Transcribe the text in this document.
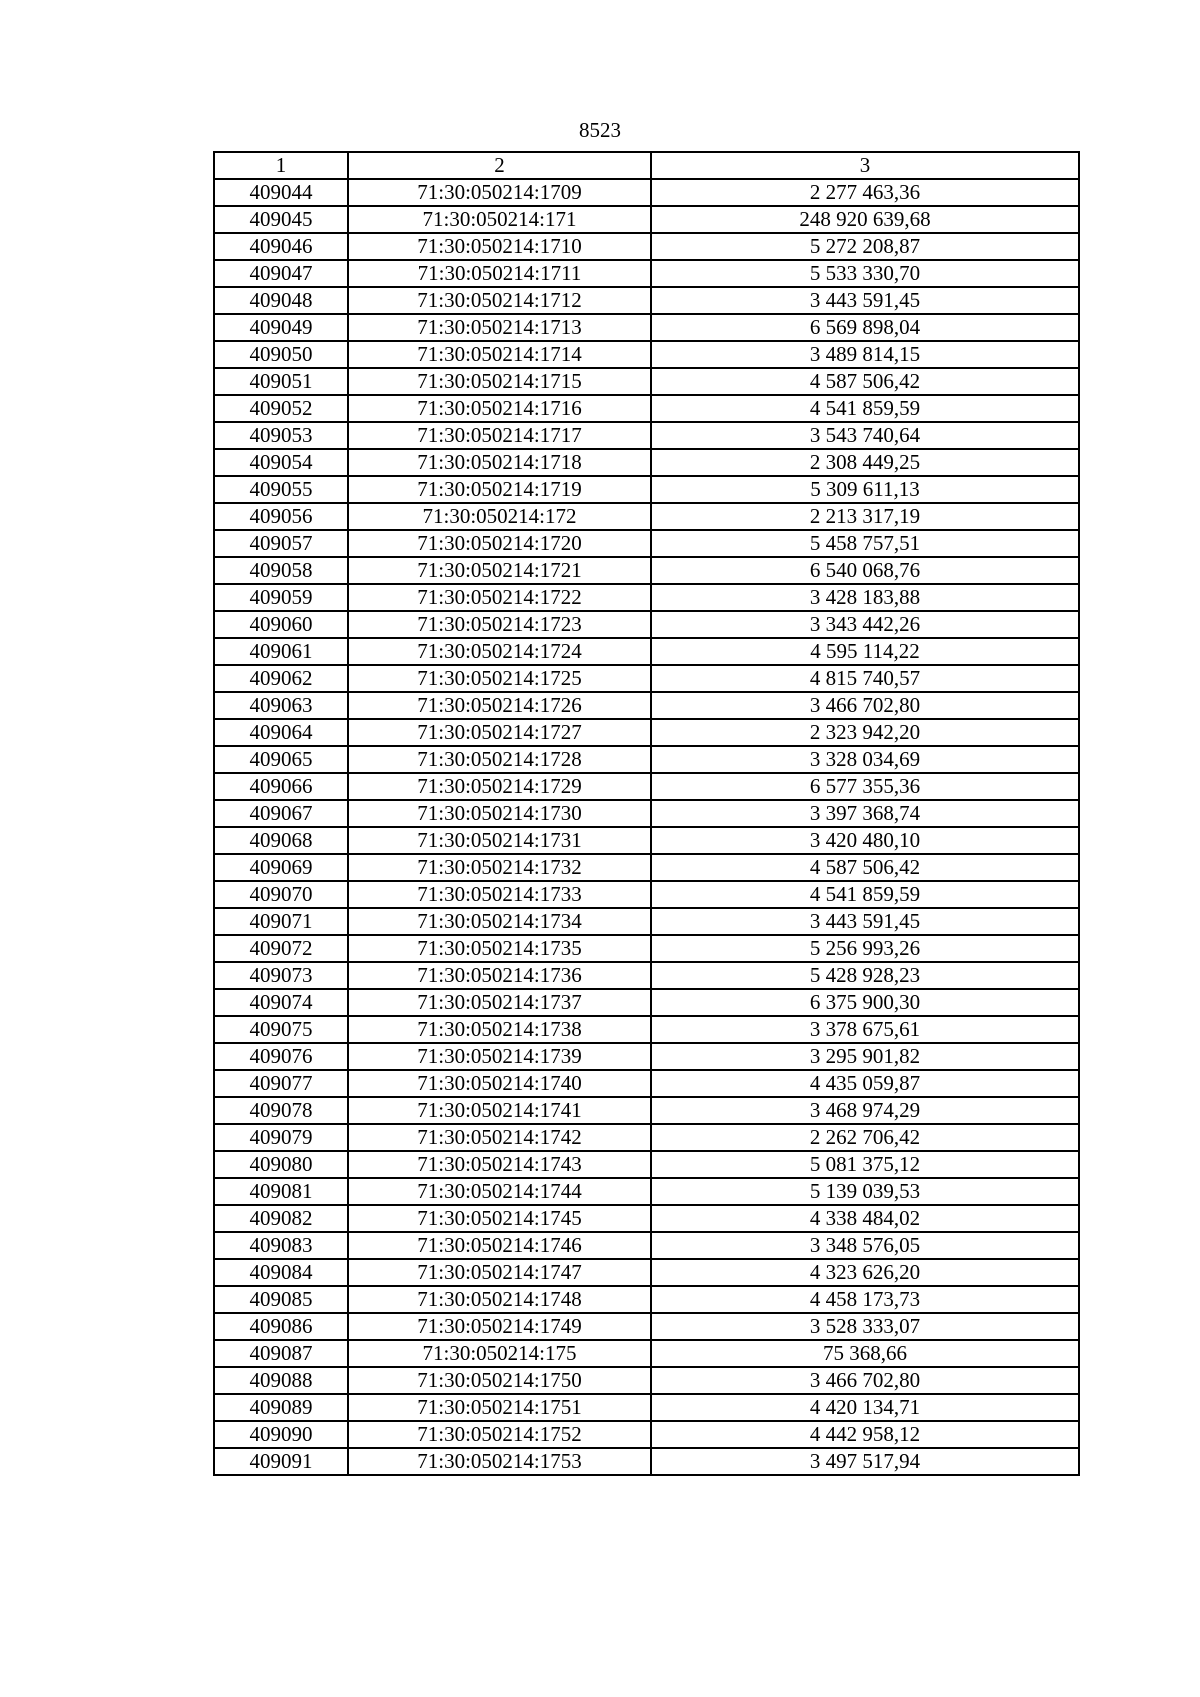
8523
1	2	3
409044	71:30:050214:1709	2 277 463,36
409045	71:30:050214:171	248 920 639,68
409046	71:30:050214:1710	5 272 208,87
409047	71:30:050214:1711	5 533 330,70
409048	71:30:050214:1712	3 443 591,45
409049	71:30:050214:1713	6 569 898,04
409050	71:30:050214:1714	3 489 814,15
409051	71:30:050214:1715	4 587 506,42
409052	71:30:050214:1716	4 541 859,59
409053	71:30:050214:1717	3 543 740,64
409054	71:30:050214:1718	2 308 449,25
409055	71:30:050214:1719	5 309 611,13
409056	71:30:050214:172	2 213 317,19
409057	71:30:050214:1720	5 458 757,51
409058	71:30:050214:1721	6 540 068,76
409059	71:30:050214:1722	3 428 183,88
409060	71:30:050214:1723	3 343 442,26
409061	71:30:050214:1724	4 595 114,22
409062	71:30:050214:1725	4 815 740,57
409063	71:30:050214:1726	3 466 702,80
409064	71:30:050214:1727	2 323 942,20
409065	71:30:050214:1728	3 328 034,69
409066	71:30:050214:1729	6 577 355,36
409067	71:30:050214:1730	3 397 368,74
409068	71:30:050214:1731	3 420 480,10
409069	71:30:050214:1732	4 587 506,42
409070	71:30:050214:1733	4 541 859,59
409071	71:30:050214:1734	3 443 591,45
409072	71:30:050214:1735	5 256 993,26
409073	71:30:050214:1736	5 428 928,23
409074	71:30:050214:1737	6 375 900,30
409075	71:30:050214:1738	3 378 675,61
409076	71:30:050214:1739	3 295 901,82
409077	71:30:050214:1740	4 435 059,87
409078	71:30:050214:1741	3 468 974,29
409079	71:30:050214:1742	2 262 706,42
409080	71:30:050214:1743	5 081 375,12
409081	71:30:050214:1744	5 139 039,53
409082	71:30:050214:1745	4 338 484,02
409083	71:30:050214:1746	3 348 576,05
409084	71:30:050214:1747	4 323 626,20
409085	71:30:050214:1748	4 458 173,73
409086	71:30:050214:1749	3 528 333,07
409087	71:30:050214:175	75 368,66
409088	71:30:050214:1750	3 466 702,80
409089	71:30:050214:1751	4 420 134,71
409090	71:30:050214:1752	4 442 958,12
409091	71:30:050214:1753	3 497 517,94
